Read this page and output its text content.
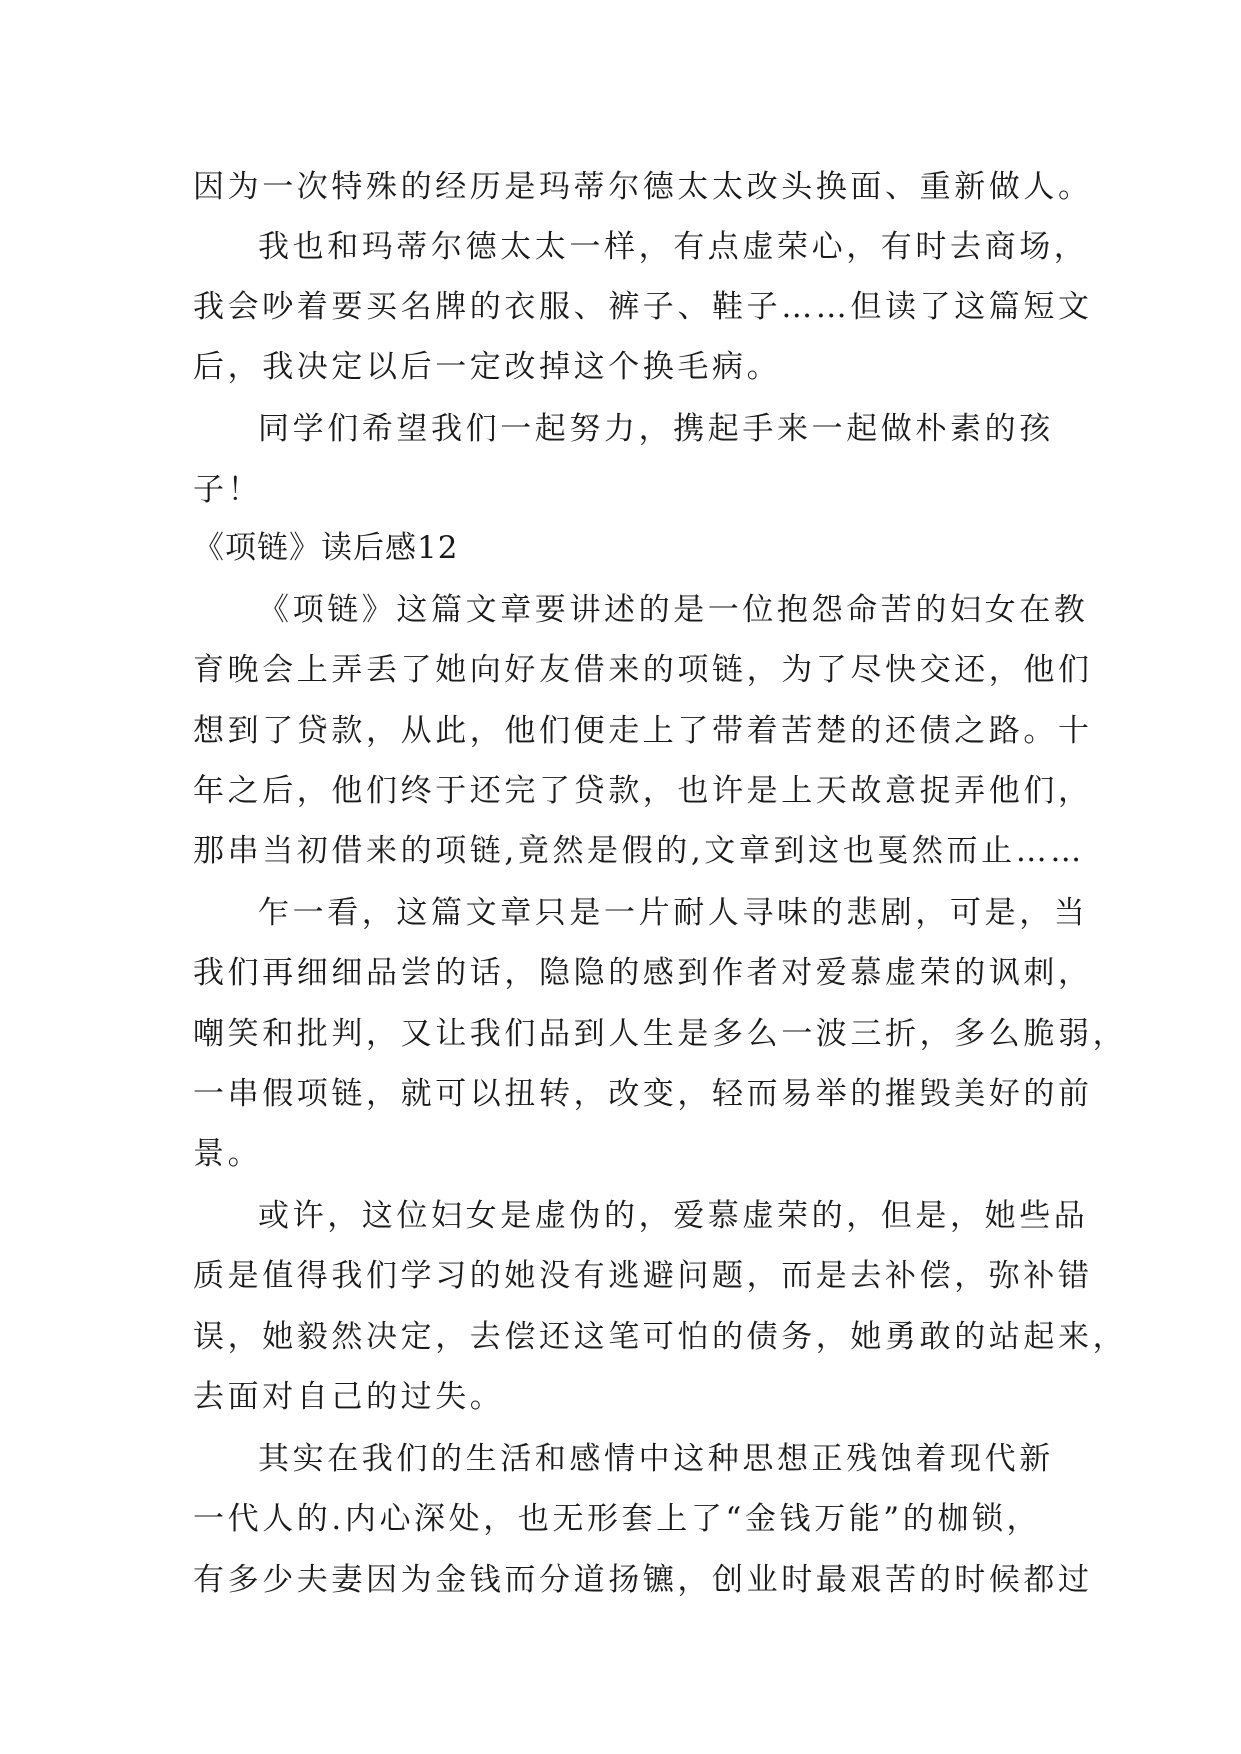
因为一次特殊的经历是玛蒂尔德太太改头换面、重新做人。
我也和玛蒂尔德太太一样，有点虚荣心，有时去商场，
我会吵着要买名牌的衣服、裤子、鞋子……但读了这篇短文
后，我决定以后一定改掉这个换毛病。
同学们希望我们一起努力，携起手来一起做朴素的孩
子！
《项链》读后感12
《项链》这篇文章要讲述的是一位抱怨命苦的妇女在教
育晚会上弄丢了她向好友借来的项链，为了尽快交还，他们
想到了贷款，从此，他们便走上了带着苦楚的还债之路。十
年之后，他们终于还完了贷款，也许是上天故意捉弄他们，
那串当初借来的项链,竟然是假的,文章到这也戛然而止……
乍一看，这篇文章只是一片耐人寻味的悲剧，可是，当
我们再细细品尝的话，隐隐的感到作者对爱慕虚荣的讽刺，
嘲笑和批判，又让我们品到人生是多么一波三折，多么脆弱，
一串假项链，就可以扭转，改变，轻而易举的摧毁美好的前
景。
或许，这位妇女是虚伪的，爱慕虚荣的，但是，她些品
质是值得我们学习的她没有逃避问题，而是去补偿，弥补错
误，她毅然决定，去偿还这笔可怕的债务，她勇敢的站起来，
去面对自己的过失。
其实在我们的生活和感情中这种思想正残蚀着现代新
一代人的.内心深处，也无形套上了“金钱万能”的枷锁，
有多少夫妻因为金钱而分道扬镳，创业时最艰苦的时候都过
